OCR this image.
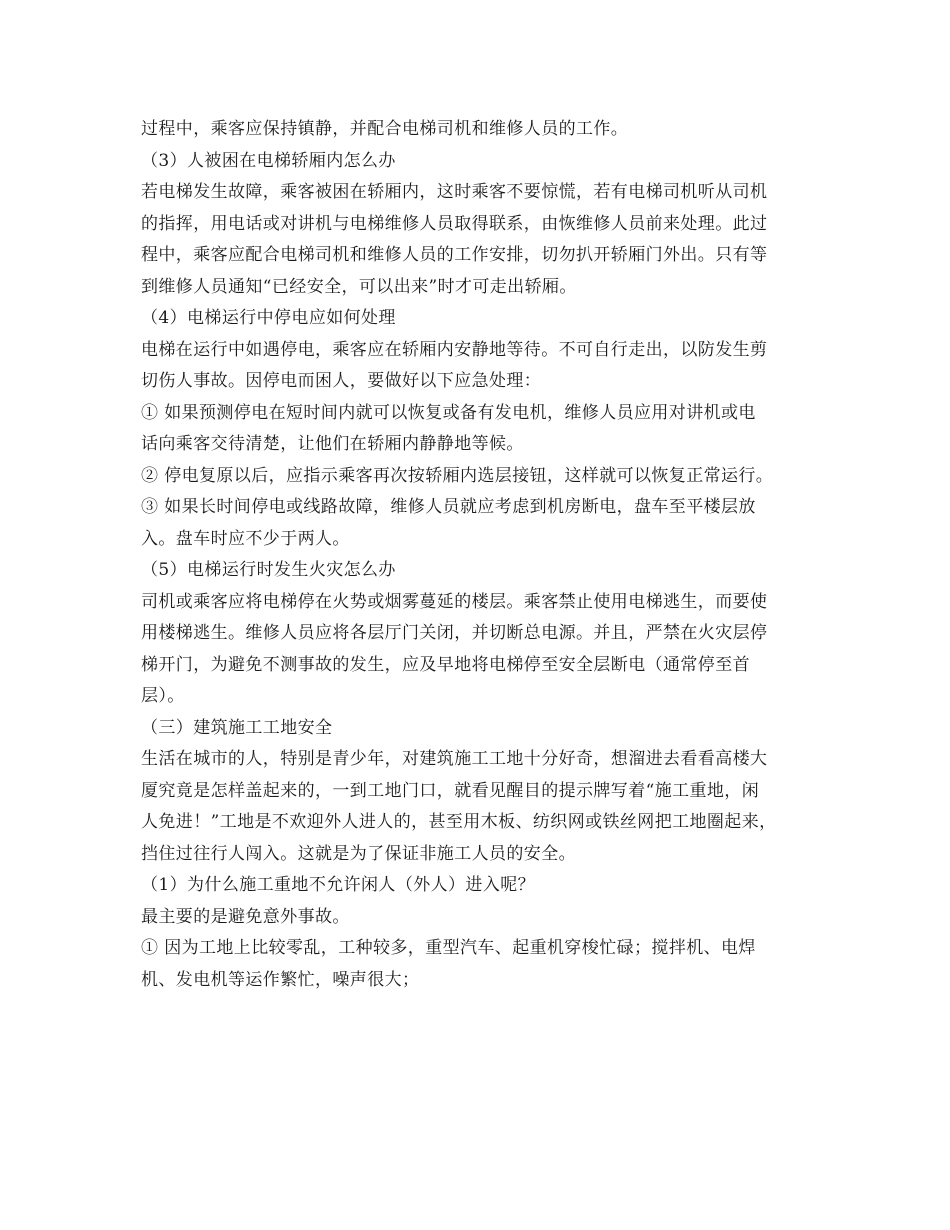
过程中，乘客应保持镇静，并配合电梯司机和维修人员的工作。
（3）人被困在电梯轿厢内怎么办
若电梯发生故障，乘客被困在轿厢内，这时乘客不要惊慌，若有电梯司机听从司机
的指挥，用电话或对讲机与电梯维修人员取得联系，由恢维修人员前来处理。此过
程中，乘客应配合电梯司机和维修人员的工作安排，切勿扒开轿厢门外出。只有等
到维修人员通知“已经安全，可以出来”时才可走出轿厢。
（4）电梯运行中停电应如何处理
电梯在运行中如遇停电，乘客应在轿厢内安静地等待。不可自行走出，以防发生剪
切伤人事故。因停电而困人，要做好以下应急处理：
① 如果预测停电在短时间内就可以恢复或备有发电机，维修人员应用对讲机或电
话向乘客交待清楚，让他们在轿厢内静静地等候。
② 停电复原以后，应指示乘客再次按轿厢内选层接钮，这样就可以恢复正常运行。
③ 如果长时间停电或线路故障，维修人员就应考虑到机房断电，盘车至平楼层放
入。盘车时应不少于两人。
（5）电梯运行时发生火灾怎么办
司机或乘客应将电梯停在火势或烟雾蔓延的楼层。乘客禁止使用电梯逃生，而要使
用楼梯逃生。维修人员应将各层厅门关闭，并切断总电源。并且，严禁在火灾层停
梯开门，为避免不测事故的发生，应及早地将电梯停至安全层断电（通常停至首
层）。
（三）建筑施工工地安全
生活在城市的人，特别是青少年，对建筑施工工地十分好奇，想溜进去看看高楼大
厦究竟是怎样盖起来的，一到工地门口，就看见醒目的提示牌写着“施工重地，闲
人免进！”工地是不欢迎外人进人的，甚至用木板、纺织网或铁丝网把工地圈起来，
挡住过往行人闯入。这就是为了保证非施工人员的安全。
（1）为什么施工重地不允许闲人（外人）进入呢？
最主要的是避免意外事故。
① 因为工地上比较零乱，工种较多，重型汽车、起重机穿梭忙碌；搅拌机、电焊
机、发电机等运作繁忙，噪声很大；
